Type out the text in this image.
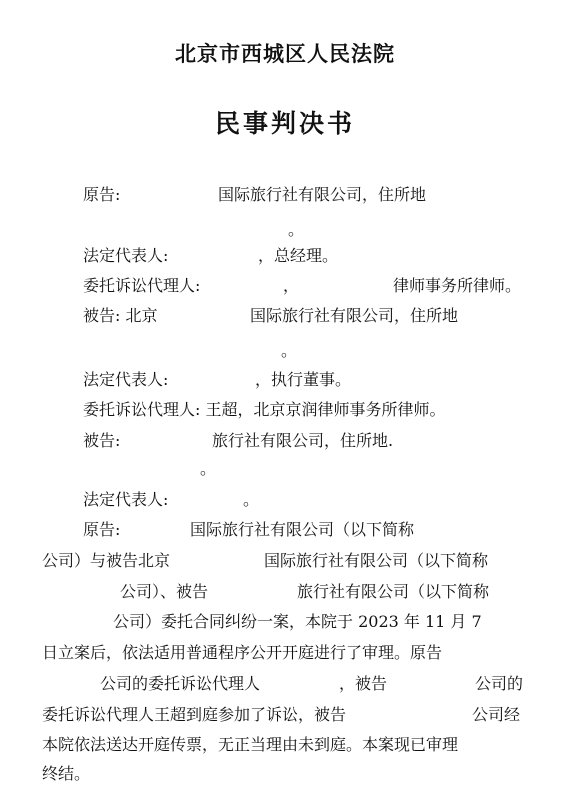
北京市西城区人民法院
民事判决书
原告:	国际旅行社有限公司，住所地
。
法定代表人:	，总经理。
委托诉讼代理人:	，	律师事务所律师。
被告: 北京	国际旅行社有限公司，住所地
。
法定代表人:	，执行董事。
委托诉讼代理人: 王超，北京京润律师事务所律师。
被告:	旅行社有限公司，住所地.
。
法定代表人:	。
原告:	国际旅行社有限公司（以下简称
公司）与被告北京	国际旅行社有限公司（以下简称
公司）、被告	旅行社有限公司（以下简称
公司）委托合同纠纷一案，本院于 2023 年 11 月 7
日立案后，依法适用普通程序公开开庭进行了审理。原告
公司的委托诉讼代理人	，被告	公司的
委托诉讼代理人王超到庭参加了诉讼，被告	公司经
本院依法送达开庭传票，无正当理由未到庭。本案现已审理
终结。
